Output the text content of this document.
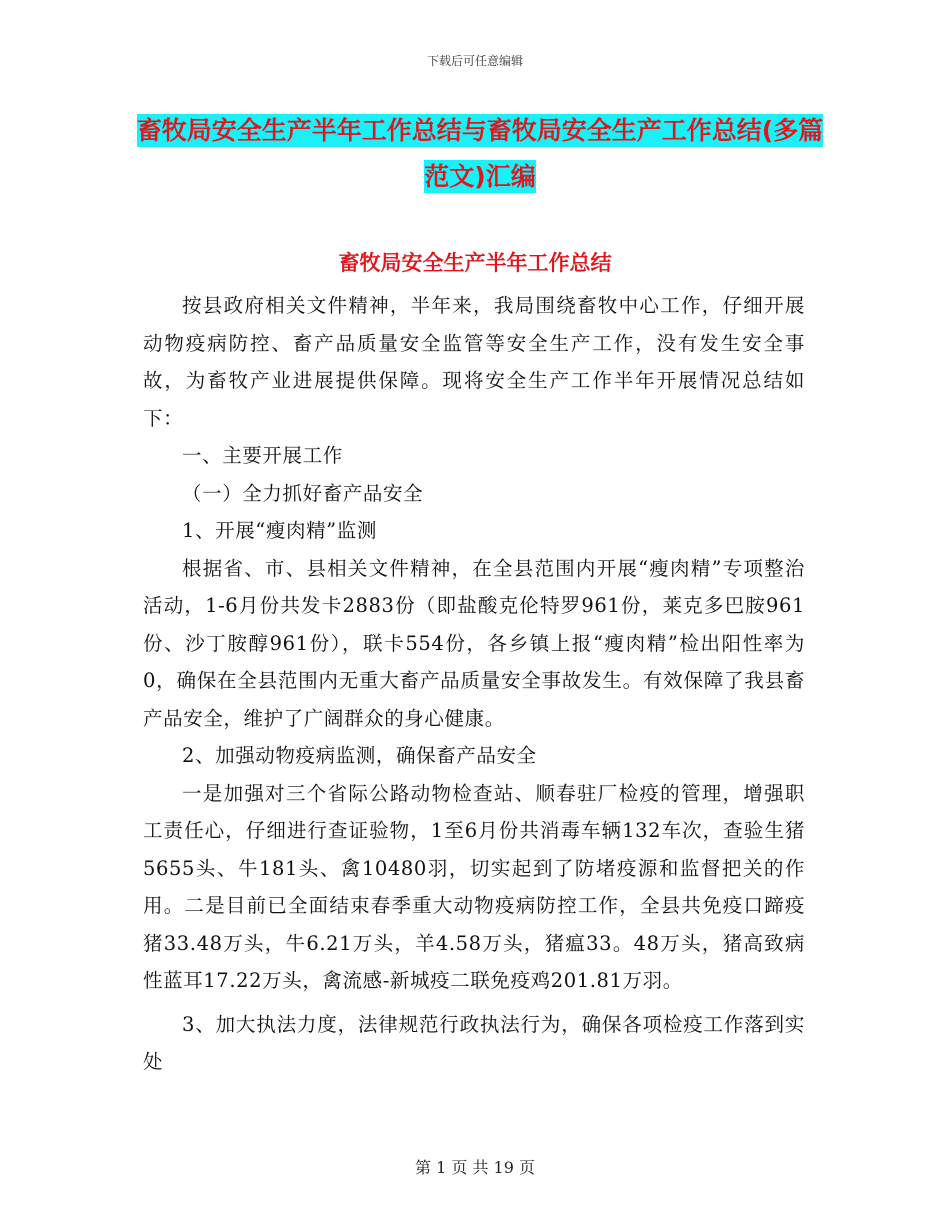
下载后可任意编辑
畜牧局安全生产半年工作总结与畜牧局安全生产工作总结(多篇范文)汇编
畜牧局安全生产半年工作总结

按县政府相关文件精神，半年来，我局围绕畜牧中心工作，仔细开展动物疫病防控、畜产品质量安全监管等安全生产工作，没有发生安全事故，为畜牧产业进展提供保障。现将安全生产工作半年开展情况总结如下：

一、主要开展工作

（一）全力抓好畜产品安全

1、开展“瘦肉精”监测

根据省、市、县相关文件精神，在全县范围内开展“瘦肉精”专项整治活动，1-6月份共发卡2883份（即盐酸克伦特罗961份，莱克多巴胺961份、沙丁胺醇961份），联卡554份，各乡镇上报“瘦肉精”检出阳性率为0，确保在全县范围内无重大畜产品质量安全事故发生。有效保障了我县畜产品安全，维护了广阔群众的身心健康。

2、加强动物疫病监测，确保畜产品安全

一是加强对三个省际公路动物检查站、顺春驻厂检疫的管理，增强职工责任心，仔细进行查证验物，1至6月份共消毒车辆132车次，查验生猪5655头、牛181头、禽10480羽，切实起到了防堵疫源和监督把关的作用。二是目前已全面结束春季重大动物疫病防控工作，全县共免疫口蹄疫猪33.48万头，牛6.21万头，羊4.58万头，猪瘟33。48万头，猪高致病性蓝耳17.22万头，禽流感-新城疫二联免疫鸡201.81万羽。

3、加大执法力度，法律规范行政执法行为，确保各项检疫工作落到实处

第 1 页 共 19 页
